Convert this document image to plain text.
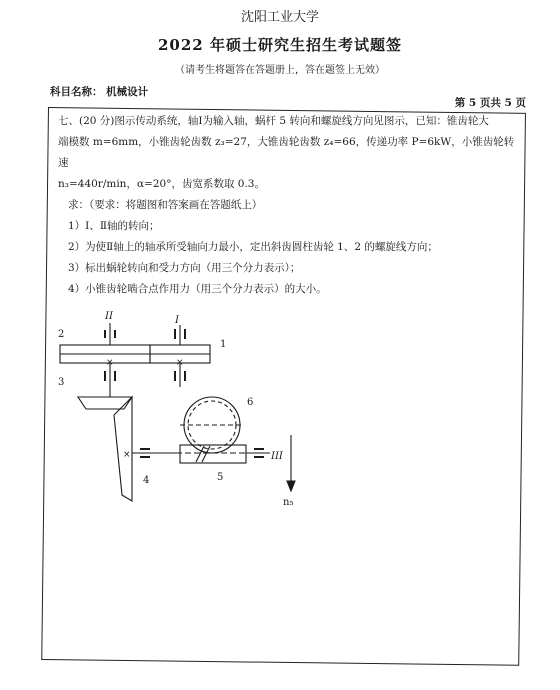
沈阳工业大学
2022 年硕士研究生招生考试题签
（请考生将题答在答题册上，答在题签上无效）
科目名称： 机械设计
第 5 页共 5 页

七、(20 分)图示传动系统，轴Ⅰ为输入轴，蜗杆 5 转向和螺旋线方向见图示，已知：锥齿轮大

端模数 m=6mm，小锥齿轮齿数 z₃=27，大锥齿轮齿数 z₄=66，传递功率 P=6kW，小锥齿轮转速

n₃=440r/min，α=20°，齿宽系数取 0.3。

求：（要求：将题图和答案画在答题纸上）

1）Ⅰ、Ⅱ轴的转向；

2）为使Ⅱ轴上的轴承所受轴向力最小，定出斜齿圆柱齿轮 1、2 的螺旋线方向；

3）标出蜗轮转向和受力方向（用三个分力表示）；

4）小锥齿轮啮合点作用力（用三个分力表示）的大小。

II	I
2
1
3
6
4	5
III
n₅
×	×
×
